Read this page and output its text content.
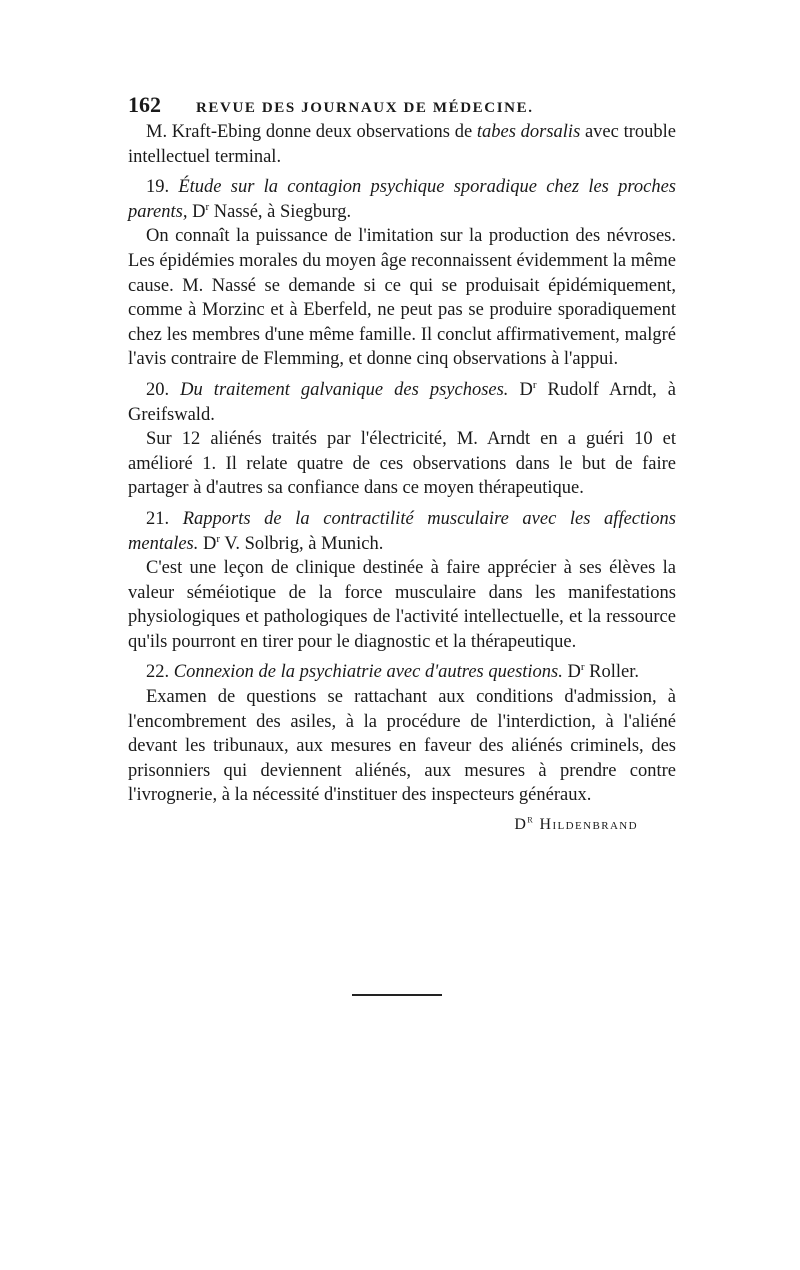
162	REVUE DES JOURNAUX DE MÉDECINE.

M. Kraft-Ebing donne deux observations de tabes dorsalis avec trouble intellectuel terminal.

19. Étude sur la contagion psychique sporadique chez les proches parents, $D^r$ Nassé, à Siegburg.

On connaît la puissance de l'imitation sur la production des névroses. Les épidémies morales du moyen âge reconnaissent évidemment la même cause. M. Nassé se demande si ce qui se produisait épidémiquement, comme à Morzinc et à Eberfeld, ne peut pas se produire sporadiquement chez les membres d'une même famille. Il conclut affirmativement, malgré l'avis contraire de Flemming, et donne cinq observations à l'appui.

20. Du traitement galvanique des psychoses. $D^r$ Rudolf Arndt, à Greifswald.

Sur 12 aliénés traités par l'électricité, M. Arndt en a guéri 10 et amélioré 1. Il relate quatre de ces observations dans le but de faire partager à d'autres sa confiance dans ce moyen thérapeutique.

21. Rapports de la contractilité musculaire avec les affections mentales. $D^r$ V. Solbrig, à Munich.

C'est une leçon de clinique destinée à faire apprécier à ses élèves la valeur séméiotique de la force musculaire dans les manifestations physiologiques et pathologiques de l'activité intellectuelle, et la ressource qu'ils pourront en tirer pour le diagnostic et la thérapeutique.

22. Connexion de la psychiatrie avec d'autres questions. $D^r$ Roller.

Examen de questions se rattachant aux conditions d'admission, à l'encombrement des asiles, à la procédure de l'interdiction, à l'aliéné devant les tribunaux, aux mesures en faveur des aliénés criminels, des prisonniers qui deviennent aliénés, aux mesures à prendre contre l'ivrognerie, à la nécessité d'instituer des inspecteurs généraux.

$D^r$ Hildenbrand
